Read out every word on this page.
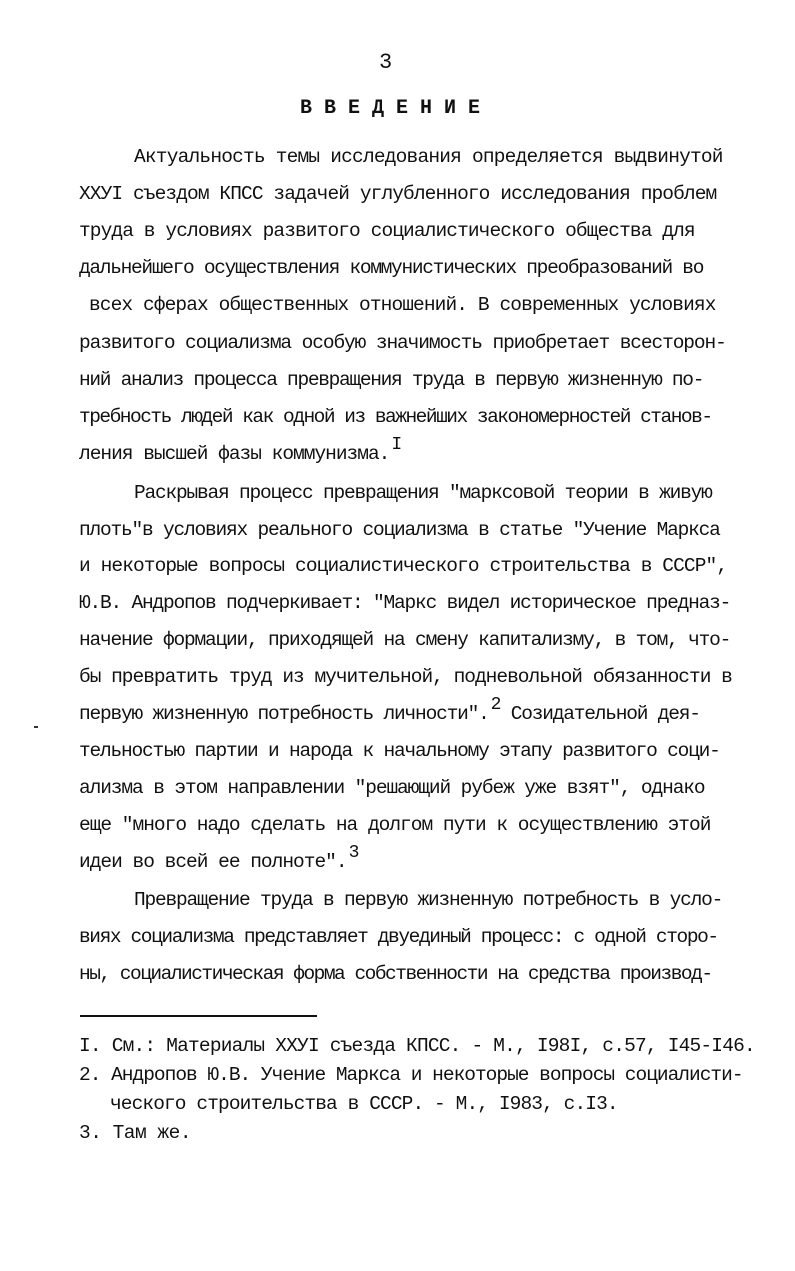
3
ВВЕДЕНИЕ
Актуальность темы исследования определяется выдвинутой
ХХУI съездом КПСС задачей углубленного исследования проблем
труда в условиях развитого социалистического общества для
дальнейшего осуществления коммунистических преобразований во
всех сферах общественных отношений. В современных условиях
развитого социализма особую значимость приобретает всесторон-
ний анализ процесса превращения труда в первую жизненную по-
требность людей как одной из важнейших закономерностей станов-
ления высшей фазы коммунизма. I
Раскрывая процесс превращения "марксовой теории в живую
плоть"в условиях реального социализма в статье "Учение Маркса
и некоторые вопросы социалистического строительства в СССР",
Ю.В. Андропов подчеркивает: "Маркс видел историческое предназ-
начение формации, приходящей на смену капитализму, в том, что-
бы превратить труд из мучительной, подневольной обязанности в
первую жизненную потребность личности". 2 Созидательной дея-
тельностью партии и народа к начальному этапу развитого соци-
ализма в этом направлении "решающий рубеж уже взят", однако
еще "много надо сделать на долгом пути к осуществлению этой
идеи во всей ее полноте". 3
Превращение труда в первую жизненную потребность в усло-
виях социализма представляет двуединый процесс: с одной сторо-
ны, социалистическая форма собственности на средства производ-
I. См.: Материалы ХХУI съезда КПСС. - М., I98I, с.57, I45-I46.
2. Андропов Ю.В. Учение Маркса и некоторые вопросы социалисти-
ческого строительства в СССР. - М., I983, с.I3.
3. Там же.
